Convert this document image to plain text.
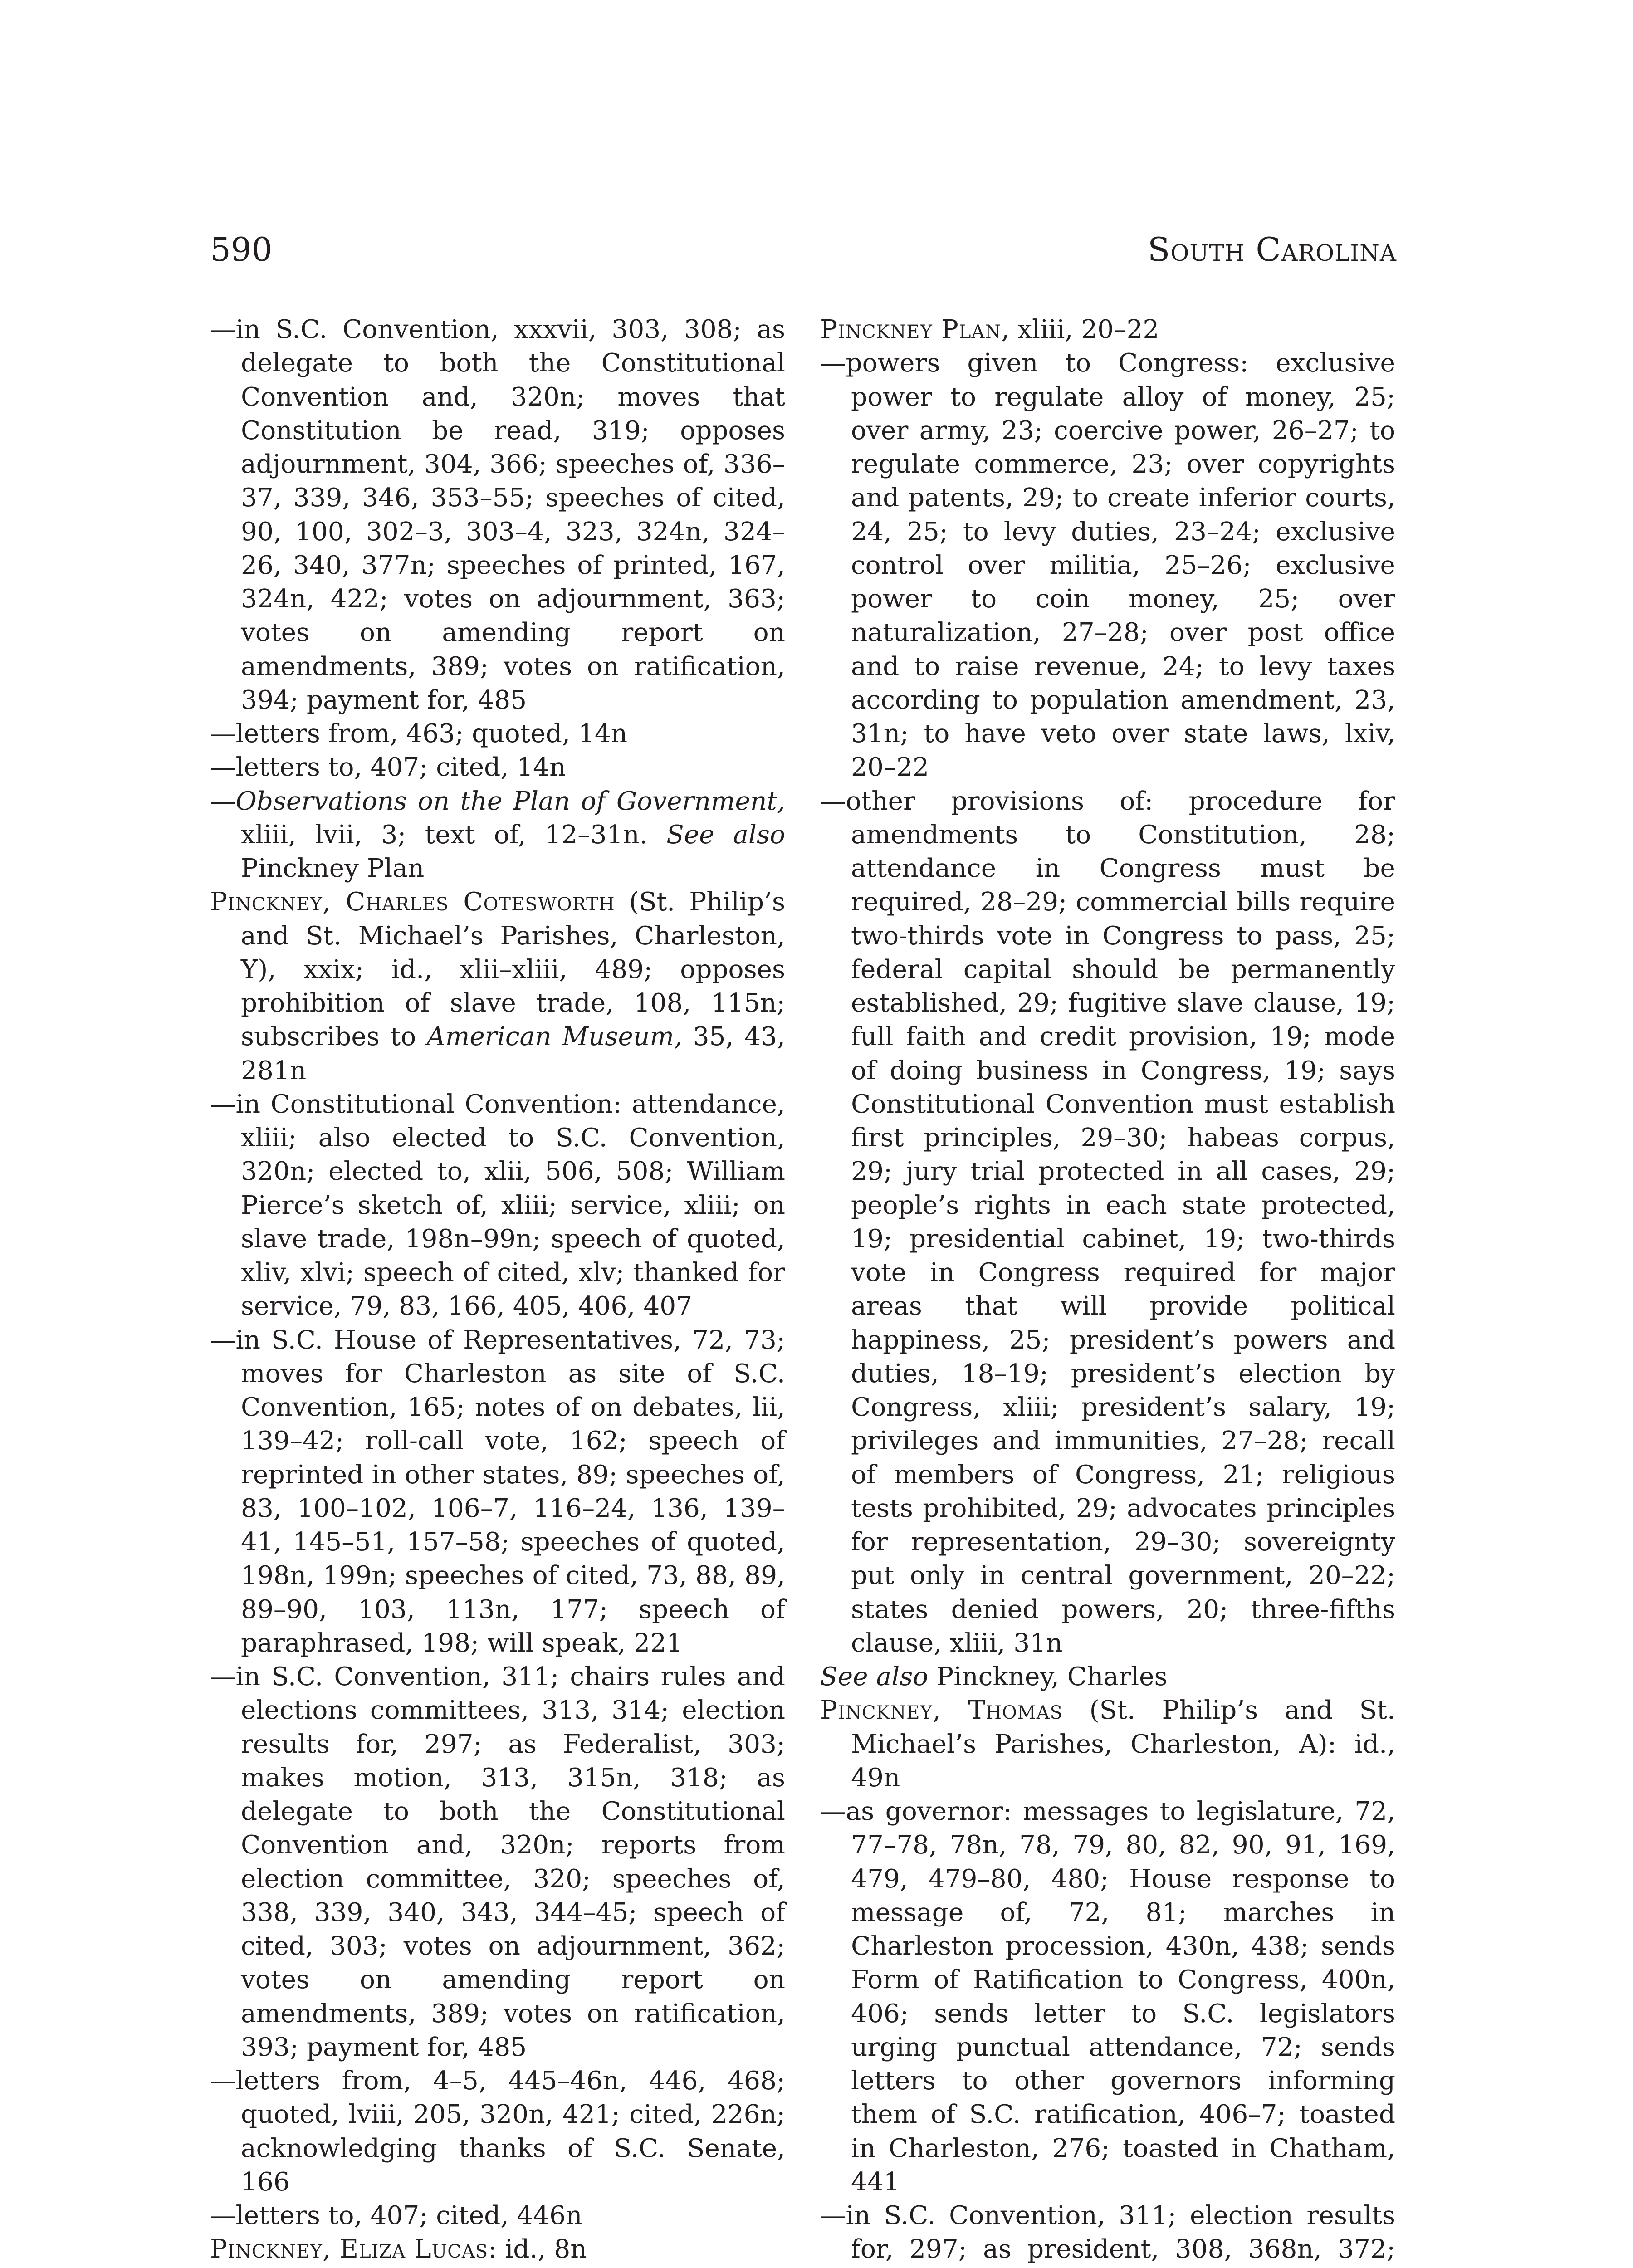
590	South Carolina

—in S.C. Convention, xxxvii, 303, 308; as delegate to both the Constitutional Convention and, 320n; moves that Constitution be read, 319; opposes adjournment, 304, 366; speeches of, 336–37, 339, 346, 353–55; speeches of cited, 90, 100, 302–3, 303–4, 323, 324n, 324–26, 340, 377n; speeches of printed, 167, 324n, 422; votes on adjournment, 363; votes on amending report on amendments, 389; votes on ratification, 394; payment for, 485

—letters from, 463; quoted, 14n

—letters to, 407; cited, 14n

—Observations on the Plan of Government, xliii, lvii, 3; text of, 12–31n. See also Pinckney Plan

Pinckney, Charles Cotesworth (St. Philip’s and St. Michael’s Parishes, Charleston, Y), xxix; id., xlii–xliii, 489; opposes prohibition of slave trade, 108, 115n; subscribes to American Museum, 35, 43, 281n

—in Constitutional Convention: attendance, xliii; also elected to S.C. Convention, 320n; elected to, xlii, 506, 508; William Pierce’s sketch of, xliii; service, xliii; on slave trade, 198n–99n; speech of quoted, xliv, xlvi; speech of cited, xlv; thanked for service, 79, 83, 166, 405, 406, 407

—in S.C. House of Representatives, 72, 73; moves for Charleston as site of S.C. Convention, 165; notes of on debates, lii, 139–42; roll-call vote, 162; speech of reprinted in other states, 89; speeches of, 83, 100–102, 106–7, 116–24, 136, 139–41, 145–51, 157–58; speeches of quoted, 198n, 199n; speeches of cited, 73, 88, 89, 89–90, 103, 113n, 177; speech of paraphrased, 198; will speak, 221

—in S.C. Convention, 311; chairs rules and elections committees, 313, 314; election results for, 297; as Federalist, 303; makes motion, 313, 315n, 318; as delegate to both the Constitutional Convention and, 320n; reports from election committee, 320; speeches of, 338, 339, 340, 343, 344–45; speech of cited, 303; votes on adjournment, 362; votes on amending report on amendments, 389; votes on ratification, 393; payment for, 485

—letters from, 4–5, 445–46n, 446, 468; quoted, lviii, 205, 320n, 421; cited, 226n; acknowledging thanks of S.C. Senate, 166

—letters to, 407; cited, 446n

Pinckney, Eliza Lucas: id., 8n

Pinckney Plan, xliii, 20–22

—powers given to Congress: exclusive power to regulate alloy of money, 25; over army, 23; coercive power, 26–27; to regulate commerce, 23; over copyrights and patents, 29; to create inferior courts, 24, 25; to levy duties, 23–24; exclusive control over militia, 25–26; exclusive power to coin money, 25; over naturalization, 27–28; over post office and to raise revenue, 24; to levy taxes according to population amendment, 23, 31n; to have veto over state laws, lxiv, 20–22

—other provisions of: procedure for amendments to Constitution, 28; attendance in Congress must be required, 28–29; commercial bills require two-thirds vote in Congress to pass, 25; federal capital should be permanently established, 29; fugitive slave clause, 19; full faith and credit provision, 19; mode of doing business in Congress, 19; says Constitutional Convention must establish first principles, 29–30; habeas corpus, 29; jury trial protected in all cases, 29; people’s rights in each state protected, 19; presidential cabinet, 19; two-thirds vote in Congress required for major areas that will provide political happiness, 25; president’s powers and duties, 18–19; president’s election by Congress, xliii; president’s salary, 19; privileges and immunities, 27–28; recall of members of Congress, 21; religious tests prohibited, 29; advocates principles for representation, 29–30; sovereignty put only in central government, 20–22; states denied powers, 20; three-fifths clause, xliii, 31n

See also Pinckney, Charles

Pinckney, Thomas (St. Philip’s and St. Michael’s Parishes, Charleston, A): id., 49n

—as governor: messages to legislature, 72, 77–78, 78n, 78, 79, 80, 82, 90, 91, 169, 479, 479–80, 480; House response to message of, 72, 81; marches in Charleston procession, 430n, 438; sends Form of Ratification to Congress, 400n, 406; sends letter to S.C. legislators urging punctual attendance, 72; sends letters to other governors informing them of S.C. ratification, 406–7; toasted in Charleston, 276; toasted in Chatham, 441

—in S.C. Convention, 311; election results for, 297; as president, 308, 368n, 372;
